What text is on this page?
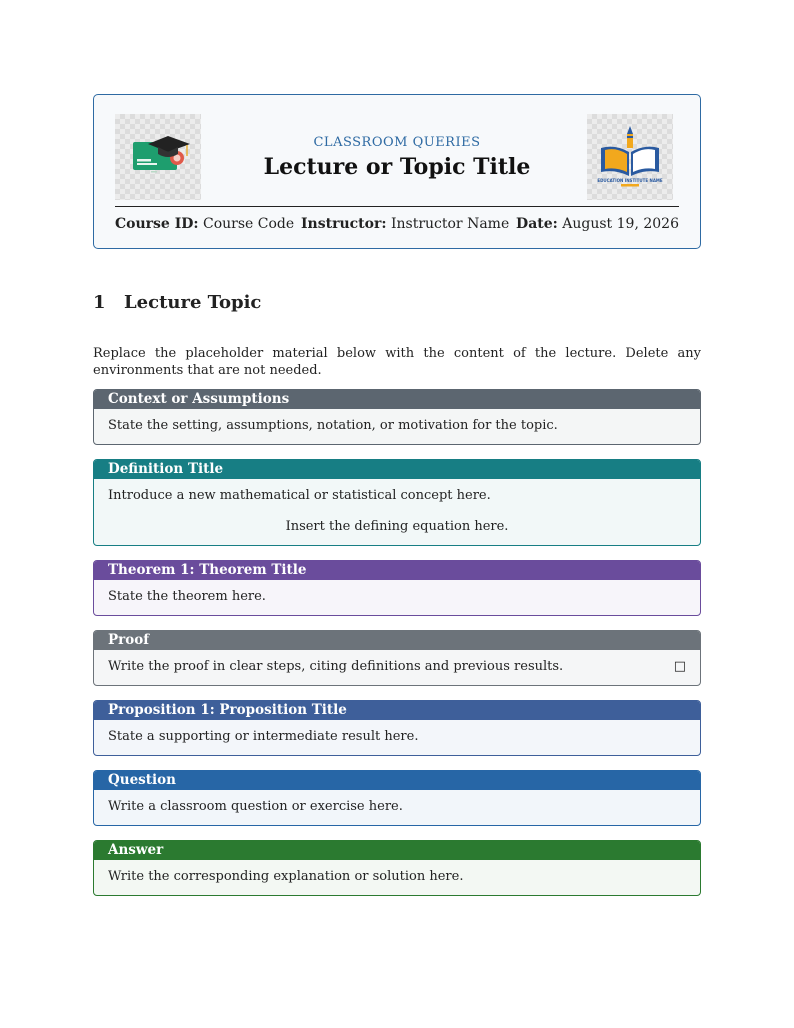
CLASSROOM QUERIES
Lecture or Topic Title
EDUCATION INSTITUTE NAME
Course ID: Course Code Instructor: Instructor Name Date: August 19, 2026
1 Lecture Topic
Replace the placeholder material below with the content of the lecture. Delete any environments that are not needed.
Context or Assumptions
State the setting, assumptions, notation, or motivation for the topic.
Definition Title
Introduce a new mathematical or statistical concept here.
Insert the defining equation here.
Theorem 1: Theorem Title
State the theorem here.
Proof
□
Write the proof in clear steps, citing definitions and previous results.
Proposition 1: Proposition Title
State a supporting or intermediate result here.
Question
Write a classroom question or exercise here.
Answer
Write the corresponding explanation or solution here.
